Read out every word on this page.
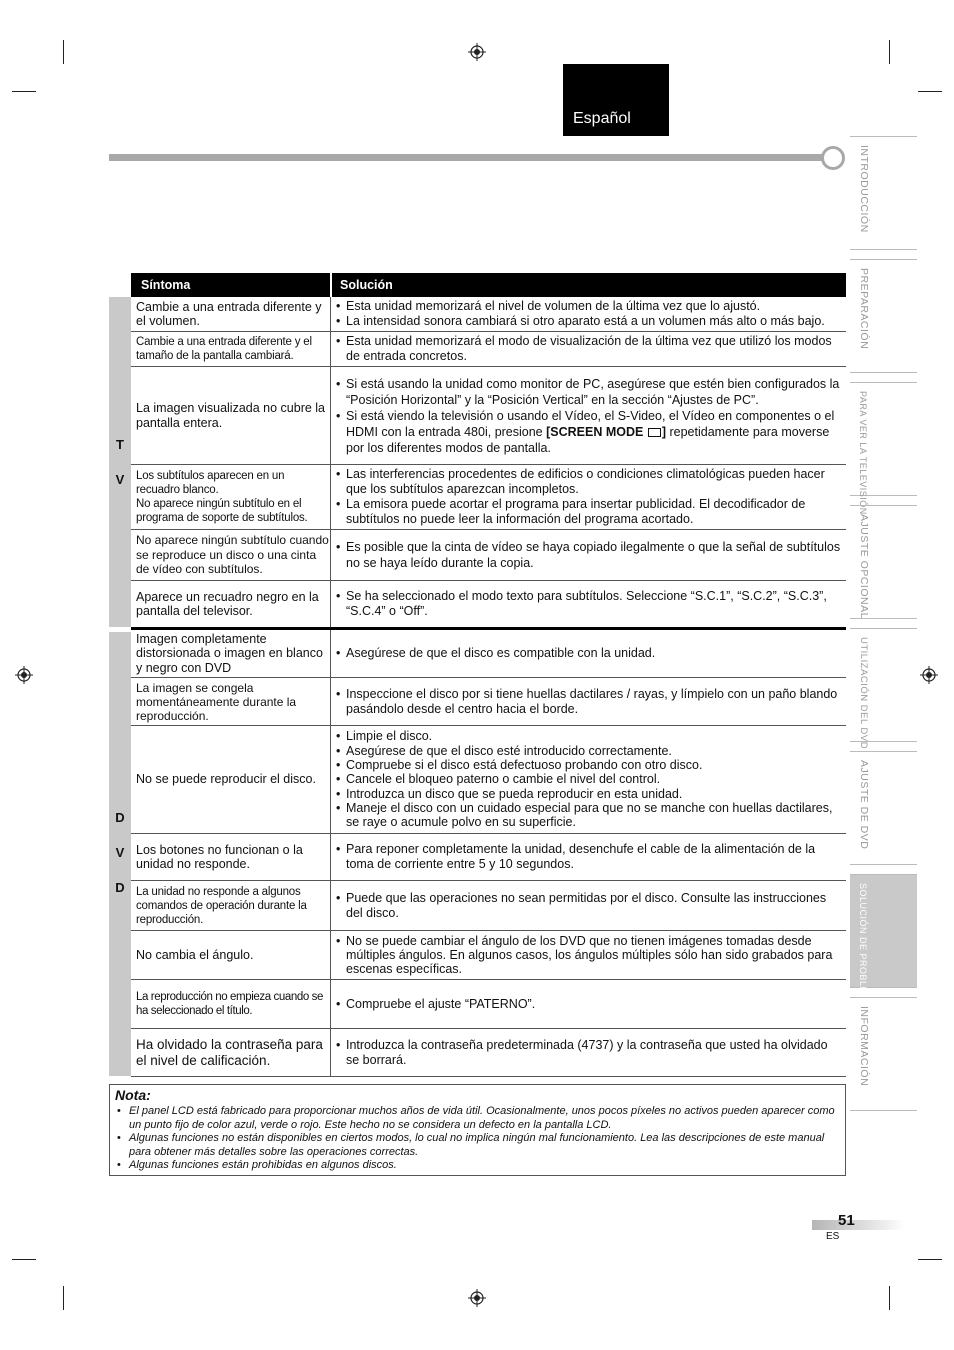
Español
INTRODUCCIÓN
PREPARACIÓN
PARA VER LA TELEVISIÓN
AJUSTE OPCIONAL
UTILIZACIÓN DEL DVD
AJUSTE DE DVD
SOLUCIÓN DE PROBLEMAS
INFORMACIÓN
Síntoma	Solución
T
V
Cambie a una entrada diferente y el volumen.
• Esta unidad memorizará el nivel de volumen de la última vez que lo ajustó.
• La intensidad sonora cambiará si otro aparato está a un volumen más alto o más bajo.
Cambie a una entrada diferente y el tamaño de la pantalla cambiará.
• Esta unidad memorizará el modo de visualización de la última vez que utilizó los modos de entrada concretos.
La imagen visualizada no cubre la pantalla entera.
• Si está usando la unidad como monitor de PC, asegúrese que estén bien configurados la “Posición Horizontal” y la “Posición Vertical” en la sección “Ajustes de PC”.
• Si está viendo la televisión o usando el Vídeo, el S-Video, el Vídeo en componentes o el HDMI con la entrada 480i, presione [SCREEN MODE ] repetidamente para moverse por los diferentes modos de pantalla.
Los subtítulos aparecen en un recuadro blanco.
No aparece ningún subtítulo en el programa de soporte de subtítulos.
• Las interferencias procedentes de edificios o condiciones climatológicas pueden hacer que los subtítulos aparezcan incompletos.
• La emisora puede acortar el programa para insertar publicidad. El decodificador de subtítulos no puede leer la información del programa acortado.
No aparece ningún subtítulo cuando se reproduce un disco o una cinta de vídeo con subtítulos.
• Es posible que la cinta de vídeo se haya copiado ilegalmente o que la señal de subtítulos no se haya leído durante la copia.
Aparece un recuadro negro en la pantalla del televisor.
• Se ha seleccionado el modo texto para subtítulos. Seleccione “S.C.1”, “S.C.2”, “S.C.3”, “S.C.4” o “Off”.
D
V
D
Imagen completamente distorsionada o imagen en blanco y negro con DVD
• Asegúrese de que el disco es compatible con la unidad.
La imagen se congela momentáneamente durante la reproducción.
• Inspeccione el disco por si tiene huellas dactilares / rayas, y límpielo con un paño blando pasándolo desde el centro hacia el borde.
No se puede reproducir el disco.
• Limpie el disco.
• Asegúrese de que el disco esté introducido correctamente.
• Compruebe si el disco está defectuoso probando con otro disco.
• Cancele el bloqueo paterno o cambie el nivel del control.
• Introduzca un disco que se pueda reproducir en esta unidad.
• Maneje el disco con un cuidado especial para que no se manche con huellas dactilares, se raye o acumule polvo en su superficie.
Los botones no funcionan o la unidad no responde.
• Para reponer completamente la unidad, desenchufe el cable de la alimentación de la toma de corriente entre 5 y 10 segundos.
La unidad no responde a algunos comandos de operación durante la reproducción.
• Puede que las operaciones no sean permitidas por el disco. Consulte las instrucciones del disco.
No cambia el ángulo.
• No se puede cambiar el ángulo de los DVD que no tienen imágenes tomadas desde múltiples ángulos. En algunos casos, los ángulos múltiples sólo han sido grabados para escenas específicas.
La reproducción no empieza cuando se ha seleccionado el título.
• Compruebe el ajuste “PATERNO”.
Ha olvidado la contraseña para el nivel de calificación.
• Introduzca la contraseña predeterminada (4737) y la contraseña que usted ha olvidado se borrará.
Nota:
• El panel LCD está fabricado para proporcionar muchos años de vida útil. Ocasionalmente, unos pocos píxeles no activos pueden aparecer como un punto fijo de color azul, verde o rojo. Este hecho no se considera un defecto en la pantalla LCD.
• Algunas funciones no están disponibles en ciertos modos, lo cual no implica ningún mal funcionamiento. Lea las descripciones de este manual para obtener más detalles sobre las operaciones correctas.
• Algunas funciones están prohibidas en algunos discos.
51
ES
